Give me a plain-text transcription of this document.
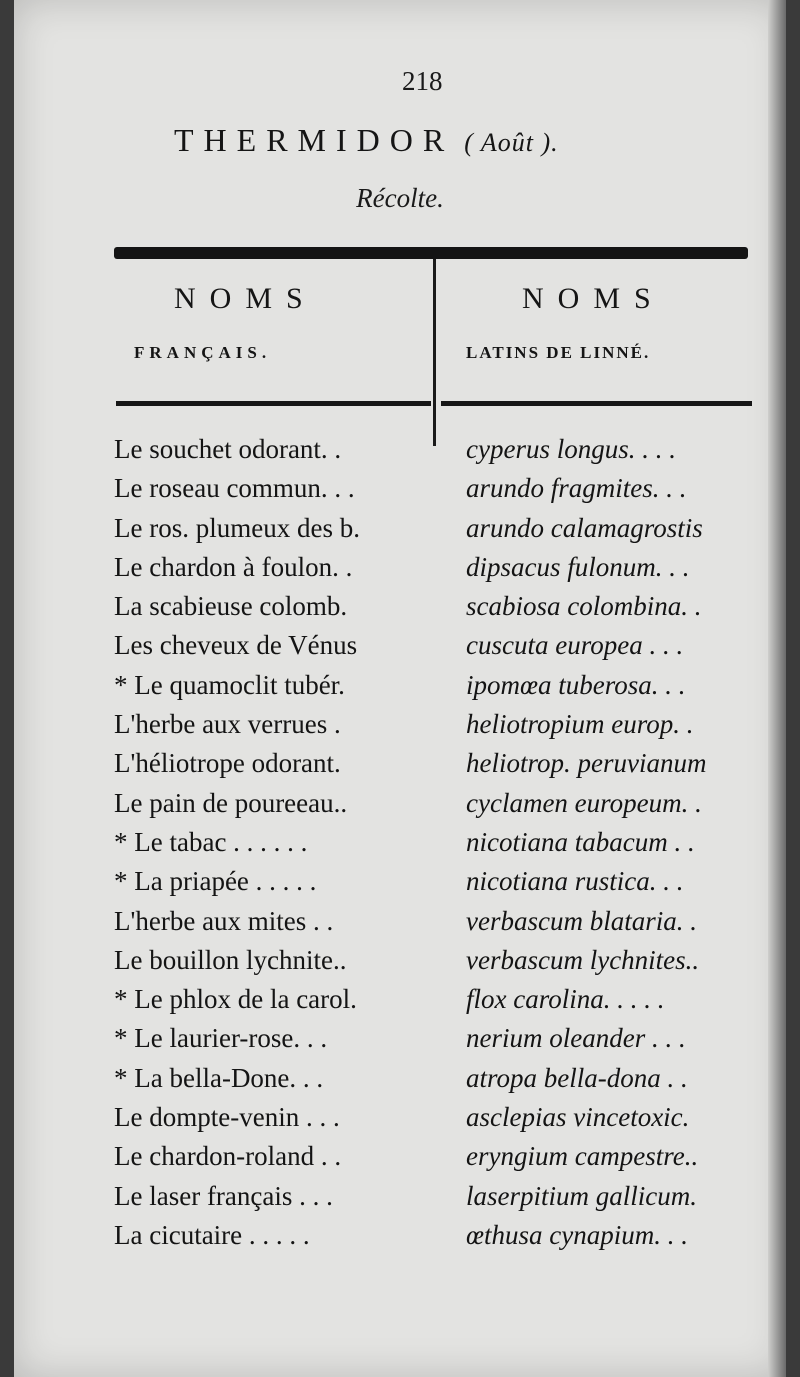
218
THERMIDOR ( Août ).
Récolte.
NOMS	NOMS
FRANÇAIS.	LATINS DE LINNÉ.
Le souchet odorant. .	cyperus longus. . . .
Le roseau commun. . .	arundo fragmites. . .
Le ros. plumeux des b.	arundo calamagrostis
Le chardon à foulon. .	dipsacus fulonum. . .
La scabieuse colomb.	scabiosa colombina. .
Les cheveux de Vénus	cuscuta europea . . .
* Le quamoclit tubér.	ipomœa tuberosa. . .
L'herbe aux verrues .	heliotropium europ. .
L'héliotrope odorant.	heliotrop. peruvianum
Le pain de poureeau..	cyclamen europeum. .
* Le tabac . . . . . .	nicotiana tabacum . .
* La priapée . . . . .	nicotiana rustica. . .
L'herbe aux mites . .	verbascum blataria. .
Le bouillon lychnite..	verbascum lychnites..
* Le phlox de la carol.	flox carolina. . . . .
* Le laurier-rose. . .	nerium oleander . . .
* La bella-Done. . .	atropa bella-dona . .
Le dompte-venin . . .	asclepias vincetoxic.
Le chardon-roland . .	eryngium campestre..
Le laser français . . .	laserpitium gallicum.
La cicutaire . . . . .	œthusa cynapium. . .
